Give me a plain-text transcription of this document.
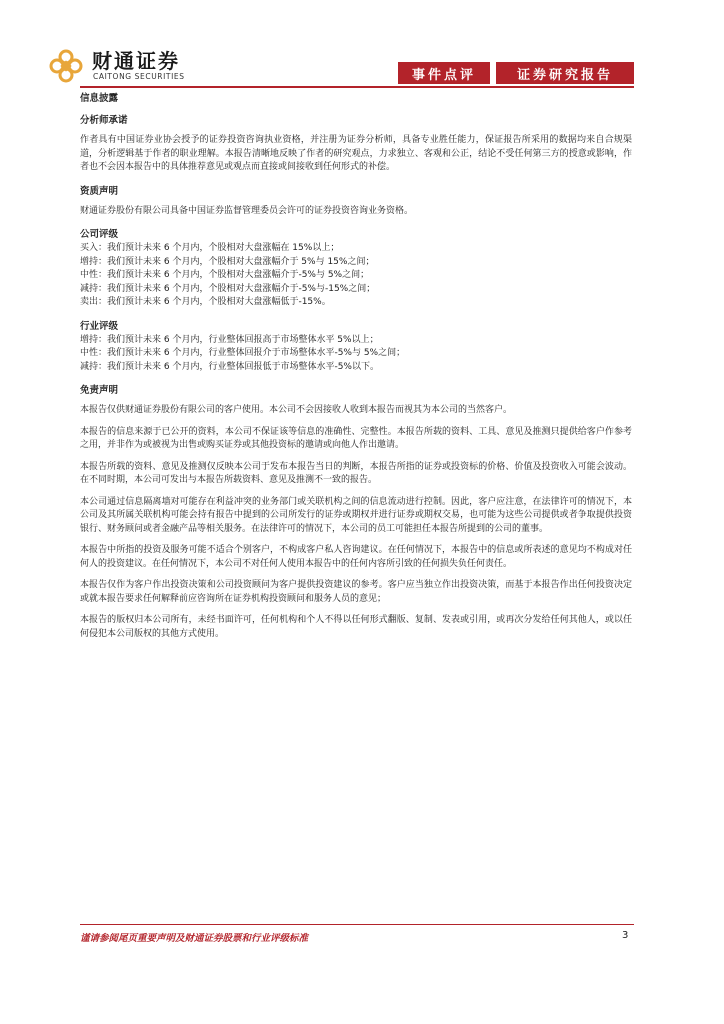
财通证券
CAITONG SECURITIES	事件点评	证券研究报告

信息披露

分析师承诺

作者具有中国证券业协会授予的证券投资咨询执业资格，并注册为证券分析师，具备专业胜任能力，保证报告所采用的数据均来自合规渠道，分析逻辑基于作者的职业理解。本报告清晰地反映了作者的研究观点，力求独立、客观和公正，结论不受任何第三方的授意或影响，作者也不会因本报告中的具体推荐意见或观点而直接或间接收到任何形式的补偿。

资质声明

财通证券股份有限公司具备中国证券监督管理委员会许可的证券投资咨询业务资格。

公司评级

买入：我们预计未来 6 个月内，个股相对大盘涨幅在 15%以上；

增持：我们预计未来 6 个月内，个股相对大盘涨幅介于 5%与 15%之间；

中性：我们预计未来 6 个月内，个股相对大盘涨幅介于-5%与 5%之间；

减持：我们预计未来 6 个月内，个股相对大盘涨幅介于-5%与-15%之间；

卖出：我们预计未来 6 个月内，个股相对大盘涨幅低于-15%。

行业评级

增持：我们预计未来 6 个月内，行业整体回报高于市场整体水平 5%以上；

中性：我们预计未来 6 个月内，行业整体回报介于市场整体水平-5%与 5%之间；

减持：我们预计未来 6 个月内，行业整体回报低于市场整体水平-5%以下。

免责声明

本报告仅供财通证券股份有限公司的客户使用。本公司不会因接收人收到本报告而视其为本公司的当然客户。

本报告的信息来源于已公开的资料，本公司不保证该等信息的准确性、完整性。本报告所载的资料、工具、意见及推测只提供给客户作参考之用，并非作为或被视为出售或购买证券或其他投资标的邀请或向他人作出邀请。

本报告所载的资料、意见及推测仅反映本公司于发布本报告当日的判断，本报告所指的证券或投资标的价格、价值及投资收入可能会波动。在不同时期，本公司可发出与本报告所载资料、意见及推测不一致的报告。

本公司通过信息隔离墙对可能存在利益冲突的业务部门或关联机构之间的信息流动进行控制。因此，客户应注意，在法律许可的情况下，本公司及其所属关联机构可能会持有报告中提到的公司所发行的证券或期权并进行证券或期权交易，也可能为这些公司提供或者争取提供投资银行、财务顾问或者金融产品等相关服务。在法律许可的情况下，本公司的员工可能担任本报告所提到的公司的董事。

本报告中所指的投资及服务可能不适合个别客户，不构成客户私人咨询建议。在任何情况下，本报告中的信息或所表述的意见均不构成对任何人的投资建议。在任何情况下，本公司不对任何人使用本报告中的任何内容所引致的任何损失负任何责任。

本报告仅作为客户作出投资决策和公司投资顾问为客户提供投资建议的参考。客户应当独立作出投资决策，而基于本报告作出任何投资决定或就本报告要求任何解释前应咨询所在证券机构投资顾问和服务人员的意见；

本报告的版权归本公司所有，未经书面许可，任何机构和个人不得以任何形式翻版、复制、发表或引用，或再次分发给任何其他人，或以任何侵犯本公司版权的其他方式使用。

谨请参阅尾页重要声明及财通证券股票和行业评级标准	3
